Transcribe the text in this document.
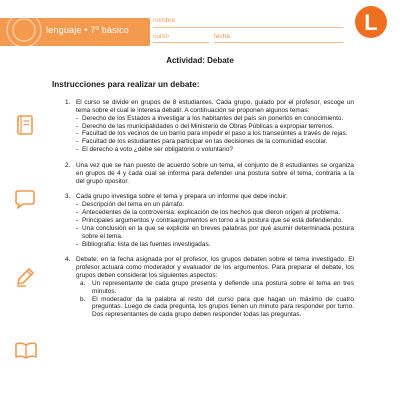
lenguaje • 7º básico
nombre
curso	fecha
L
Actividad: Debate
Instrucciones para realizar un debate:
1. El curso se divide en grupos de 8 estudiantes. Cada grupo, guiado por el profesor, escoge un tema sobre el cual le interesa debatir. A continuación se proponen algunos temas:
- Derecho de los Estados a investigar a los habitantes del país sin ponerlos en conocimiento.
- Derecho de las municipalidades o del Ministerio de Obras Públicas a expropiar terrenos.
- Facultad de los vecinos de un barrio para impedir el paso a los transeúntes a través de rejas.
- Facultad de los estudiantes para participar en las decisiones de la comunidad escolar.
- El derecho a voto ¿debe ser obligatorio o voluntario?
2. Una vez que se han puesto de acuerdo sobre un tema, el conjunto de 8 estudiantes se organiza en grupos de 4 y cada cual se informa para defender una postura sobre el tema, contraria a la del grupo opositor.
3. Cada grupo investiga sobre el tema y prepara un informe que debe incluir:
- Descripción del tema en un párrafo.
- Antecedentes de la controversia: explicación de los hechos que dieron origen al problema.
- Principales argumentos y contraargumentos en torno a la postura que se está defendiendo.
- Una conclusión en la que se explicite en breves palabras por qué asumir determinada postura sobre el tema.
- Bibliografía: lista de las fuentes investigadas.
4. Debate: en la fecha asignada por el profesor, los grupos debaten sobre el tema investigado. El profesor actuará como moderador y evaluador de los argumentos. Para preparar el debate, los grupos deben considerar los siguientes aspectos:
a. Un representante de cada grupo presenta y defiende una postura sobre el tema en tres minutos.
b. El moderador da la palabra al resto del curso para que hagan un máximo de cuatro preguntas. Luego de cada pregunta, los grupos tienen un minuto para responder por turno. Dos representantes de cada grupo deben responder todas las preguntas.
